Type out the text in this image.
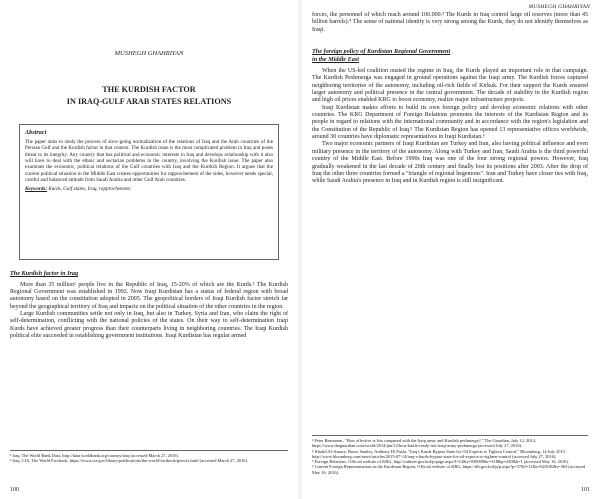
MUSHEGH GHAHRIYAN
THE KURDISH FACTOR
IN IRAQ-GULF ARAB STATES RELATIONS

Abstract

The paper aims to study the process of slow-going normalization of the relations of Iraq and the Arab countries of the Persian Gulf and the Kurdish factor in that context. The Kurdish issue is the most complicated problem in Iraq and poses threat to its integrity. Any country that has political and economic interests in Iraq and develops relationship with it also will have to deal with the ethnic and sectarian problems in the country, involving the Kurdish issue. The paper also examines the economic, political relations of the Gulf countries with Iraq and the Kurdish Region. It argues that the current political situation in the Middle East creates opportunities for rapprochement of the sides, however needs special, careful and balanced attitude from Saudi Arabia and other Gulf Arab countries.

Keywords: Kurds, Gulf states, Iraq, rapprochement.

The Kurdish factor in Iraq

More than 35 million¹ people live in the Republic of Iraq, 15-20% of which are the Kurds.² The Kurdish Regional Government was established in 1992. Now Iraqi Kurdistan has a status of federal region with broad autonomy based on the constitution adopted in 2005. The geopolitical borders of Iraqi Kurdish factor stretch far beyond the geographical territory of Iraq and impacts on the political situation of the other countries in the region.

Large Kurdish communities settle not only in Iraq, but also in Turkey, Syria and Iran, who claim the right of self-determination, conflicting with the national policies of the states. On their way to self-determination Iraqi Kurds have achieved greater progress than their counterparts living in neighboring countries. The Iraqi Kurdish political elite succeeded in establishing government institutions. Iraqi Kurdistan has regular armed

¹ Iraq, The World Bank Data, http://data.worldbank.org/country/iraq (accessed March 27, 2016).

² Iraq, CIA, The World Factbook, https://www.cia.gov/library/publications/the-world-factbook/geos/iz.html (accessed March 27, 2016).

100
MUSHEGH GHAHRIYAN

forces, the personnel of which reach around 100.000.³ The Kurds in Iraq control large oil reserves (more than 45 billion barrels).⁴ The sense of national identity is very strong among the Kurds, they do not identify themselves as Iraqi.

The foreign policy of Kurdistan Regional Government
in the Middle East

When the US-led coalition ousted the regime in Iraq, the Kurds played an important role in that campaign. The Kurdish Peshmerga was engaged in ground operations against the Iraqi army. The Kurdish forces captured neighboring territories of the autonomy, including oil-rich fields of Kirkuk. For their support the Kurds ensured larger autonomy and political presence in the central government. The decade of stability in the Kurdish region and high oil prices enabled KRG to boost economy, realize major infrastructure projects.

Iraqi Kurdistan makes efforts to build its own foreign policy and develop economic relations with other countries. The KRG Department of Foreign Relations promotes the interests of the Kurdistan Region and its people in regard to relations with the international community and in accordance with the region's legislation and the Constitution of the Republic of Iraq.⁵ The Kurdistan Region has opened 13 representative offices worldwide, around 30 countries have diplomatic representatives in Iraqi Kurdistan.⁶

Two major economic partners of Iraqi Kurdistan are Turkey and Iran, also having political influence and even military presence in the territory of the autonomy. Along with Turkey and Iran, Saudi Arabia is the third powerful country of the Middle East. Before 1990s Iraq was one of the four strong regional powers. However, Iraq gradually weakened in the last decade of 20th century and finally lost its positions after 2003. After the drop of Iraq the other three countries formed a "triangle of regional hegemons". Iran and Turkey have closer ties with Iraq, while Saudi Arabia's presence in Iraq and in Kurdish region is still insignificant.

³ Peter Beaumont, "How effective is Isis compared with the Iraqi army and Kurdish peshmerga?," The Guardian, July 12, 2014, https://www.theguardian.com/world/2014/jun/12/how-battle-ready-isis-iraqi-army-peshmerga (accessed July 27, 2016).

⁴ Khalid Al-Ansary, Bruce Stanley, Anthony Di Paola, "Iraq's Kurds Bypass State for Oil Exports to Tighten Control," Bloomberg, 14 July 2015, http://www.bloomberg.com/news/articles/2015-07-14/iraq-s-kurds-bypass-state-for-oil-exports-to-tighten-control (accessed July 27, 2016).

⁵ Foreign Relations, Official website of KRG, http://cabinet.gov.krd/p/page.aspx?l=12&s=050000&r=318&p=230&h=1 (accessed May 16, 2016).

⁶ Current Foreign Representations in the Kurdistan Region, Official website of KRG, https://dfr.gov.krd/p/p.aspx?p=37&l=12&s=020100&r=363 (accessed May 16, 2016).

101
